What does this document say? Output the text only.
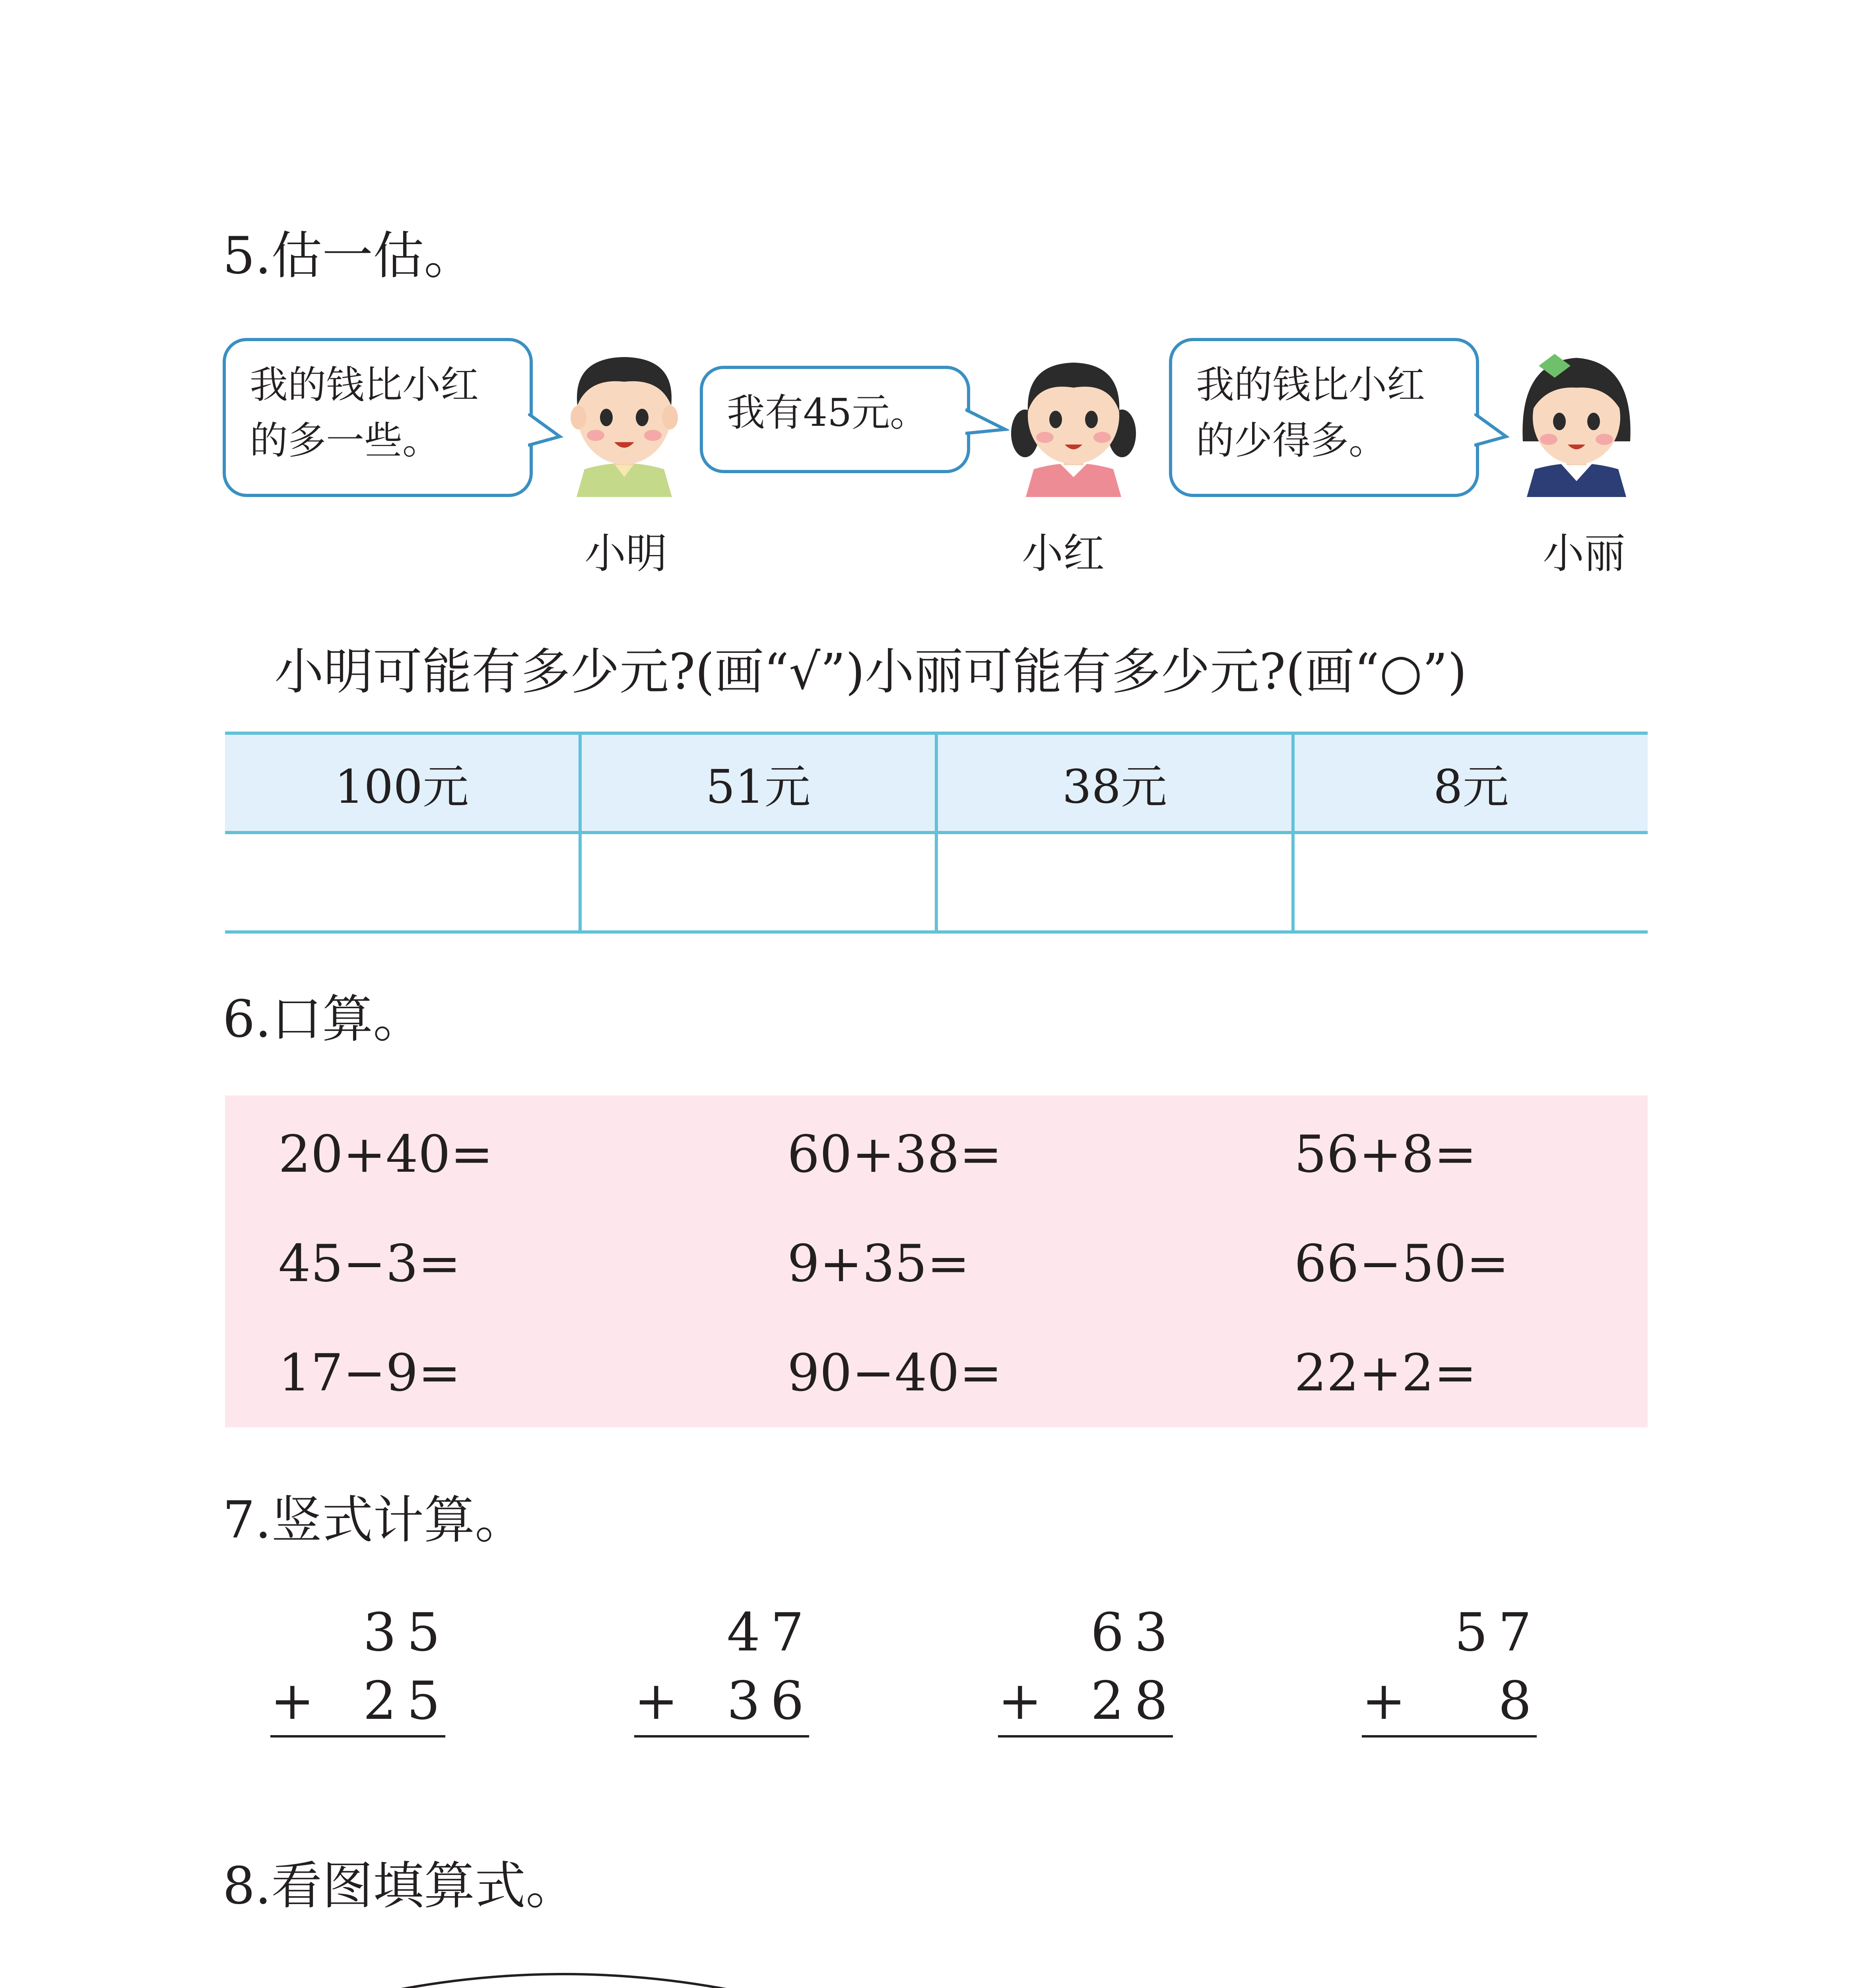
5.估一估。
我的钱比小红
的多一些。
我有45元。
我的钱比小红
的少得多。
小明	小红	小丽
小明可能有多少元?(画“√”)小丽可能有多少元?(画“○”)
100元	51元	38元	8元

6.口算。
20+40=	60+38=	56+8=
45−3=	9+35=	66−50=
17−9=	90−40=	22+2=
7.竖式计算。
3 5
+ 2 5
4 7
+ 3 6
6 3
+ 2 8
5 7
+ 8
8.看图填算式。
